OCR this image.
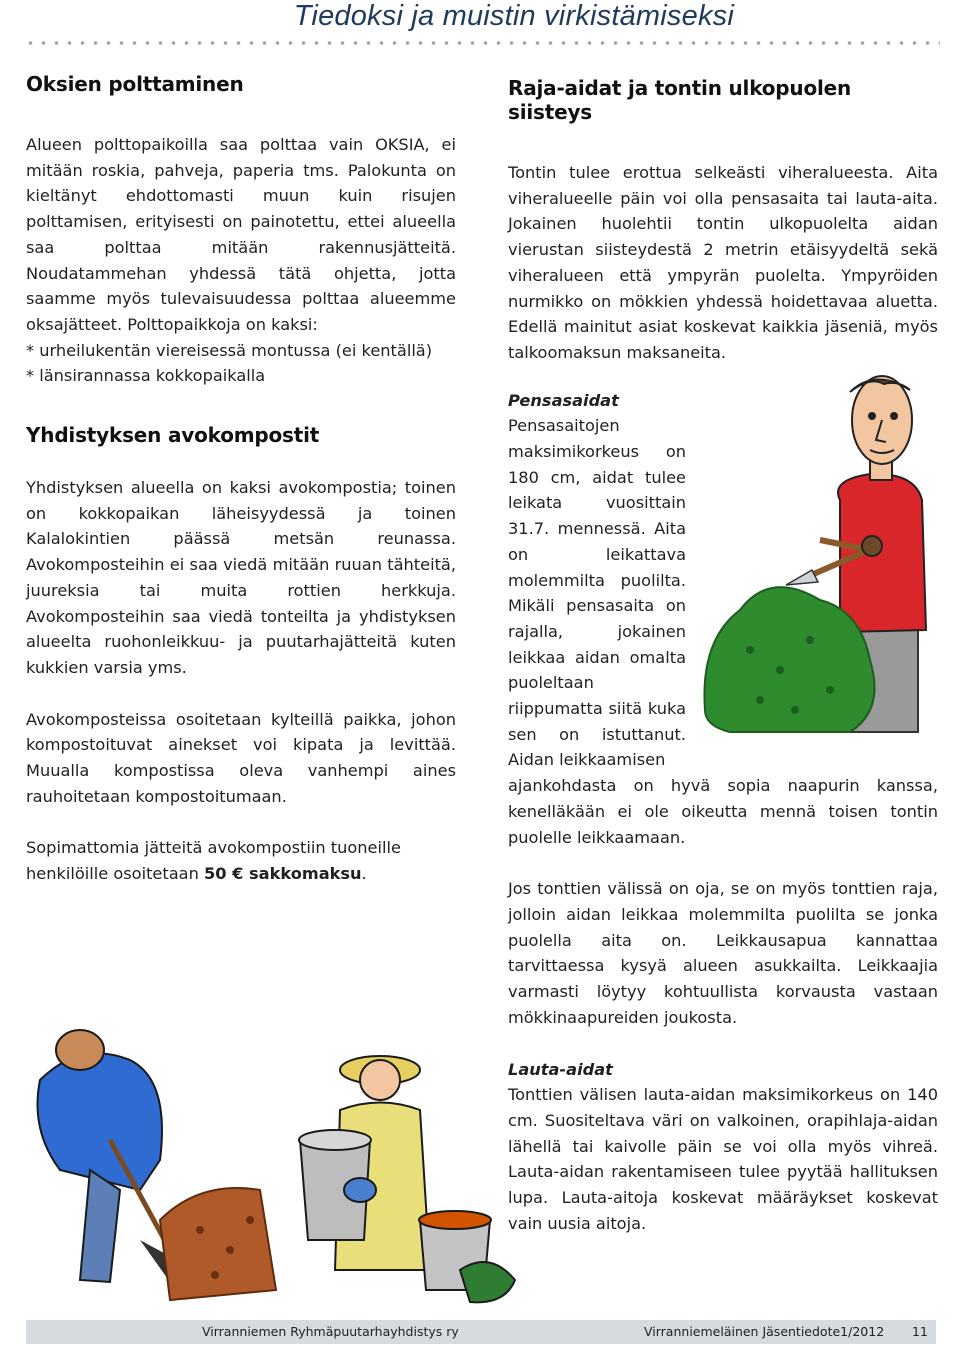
Tiedoksi ja muistin virkistämiseksi
Oksien polttaminen

Alueen polttopaikoilla saa polttaa vain OKSIA, ei mitään roskia, pahveja, paperia tms. Palokunta on kieltänyt ehdottomasti muun kuin risujen polttamisen, erityisesti on painotettu, ettei alueella saa polttaa mitään rakennusjätteitä. Noudatammehan yhdessä tätä ohjetta, jotta saamme myös tulevaisuudessa polttaa alueemme oksajätteet. Polttopaikkoja on kaksi:

* urheilukentän viereisessä montussa (ei kentällä)
* länsirannassa kokkopaikalla
Yhdistyksen avokompostit

Yhdistyksen alueella on kaksi avokompostia; toinen on kokkopaikan läheisyydessä ja toinen Kalalokintien päässä metsän reunassa. Avokomposteihin ei saa viedä mitään ruuan tähteitä, juureksia tai muita rottien herkkuja. Avokomposteihin saa viedä tonteilta ja yhdistyksen alueelta ruohonleikkuu- ja puutarhajätteitä kuten kukkien varsia yms.

Avokomposteissa osoitetaan kylteillä paikka, johon kompostoituvat ainekset voi kipata ja levittää. Muualla kompostissa oleva vanhempi aines rauhoitetaan kompostoitumaan.

Sopimattomia jätteitä avokompostiin tuoneille henkilöille osoitetaan 50 € sakkomaksu.

Raja-aidat ja tontin ulkopuolen siisteys

Tontin tulee erottua selkeästi viheralueesta. Aita viheralueelle päin voi olla pensasaita tai lauta-aita. Jokainen huolehtii tontin ulkopuolelta aidan vierustan siisteydestä 2 metrin etäisyydeltä sekä viheralueen että ympyrän puolelta. Ympyröiden nurmikko on mökkien yhdessä hoidettavaa aluetta. Edellä mainitut asiat koskevat kaikkia jäseniä, myös talkoomaksun maksaneita.

Pensasaidat

Pensasaitojen maksimikorkeus on 180 cm, aidat tulee leikata vuosittain 31.7. mennessä. Aita on leikattava molemmilta puolilta. Mikäli pensasaita on rajalla, jokainen leikkaa aidan omalta puoleltaan riippumatta siitä kuka sen on istuttanut. Aidan leikkaamisen

ajankohdasta on hyvä sopia naapurin kanssa, kenelläkään ei ole oikeutta mennä toisen tontin puolelle leikkaamaan.

Jos tonttien välissä on oja, se on myös tonttien raja, jolloin aidan leikkaa molemmilta puolilta se jonka puolella aita on. Leikkausapua kannattaa tarvittaessa kysyä alueen asukkailta. Leikkaajia varmasti löytyy kohtuullista korvausta vastaan mökkinaapureiden joukosta.

Lauta-aidat

Tonttien välisen lauta-aidan maksimikorkeus on 140 cm. Suositeltava väri on valkoinen, orapihlaja-aidan lähellä tai kaivolle päin se voi olla myös vihreä. Lauta-aidan rakentamiseen tulee pyytää hallituksen lupa. Lauta-aitoja koskevat määräykset koskevat vain uusia aitoja.

Virranniemen Ryhmäpuutarhayhdistys ry	Virranniemeläinen Jäsentiedote1/2012 11
